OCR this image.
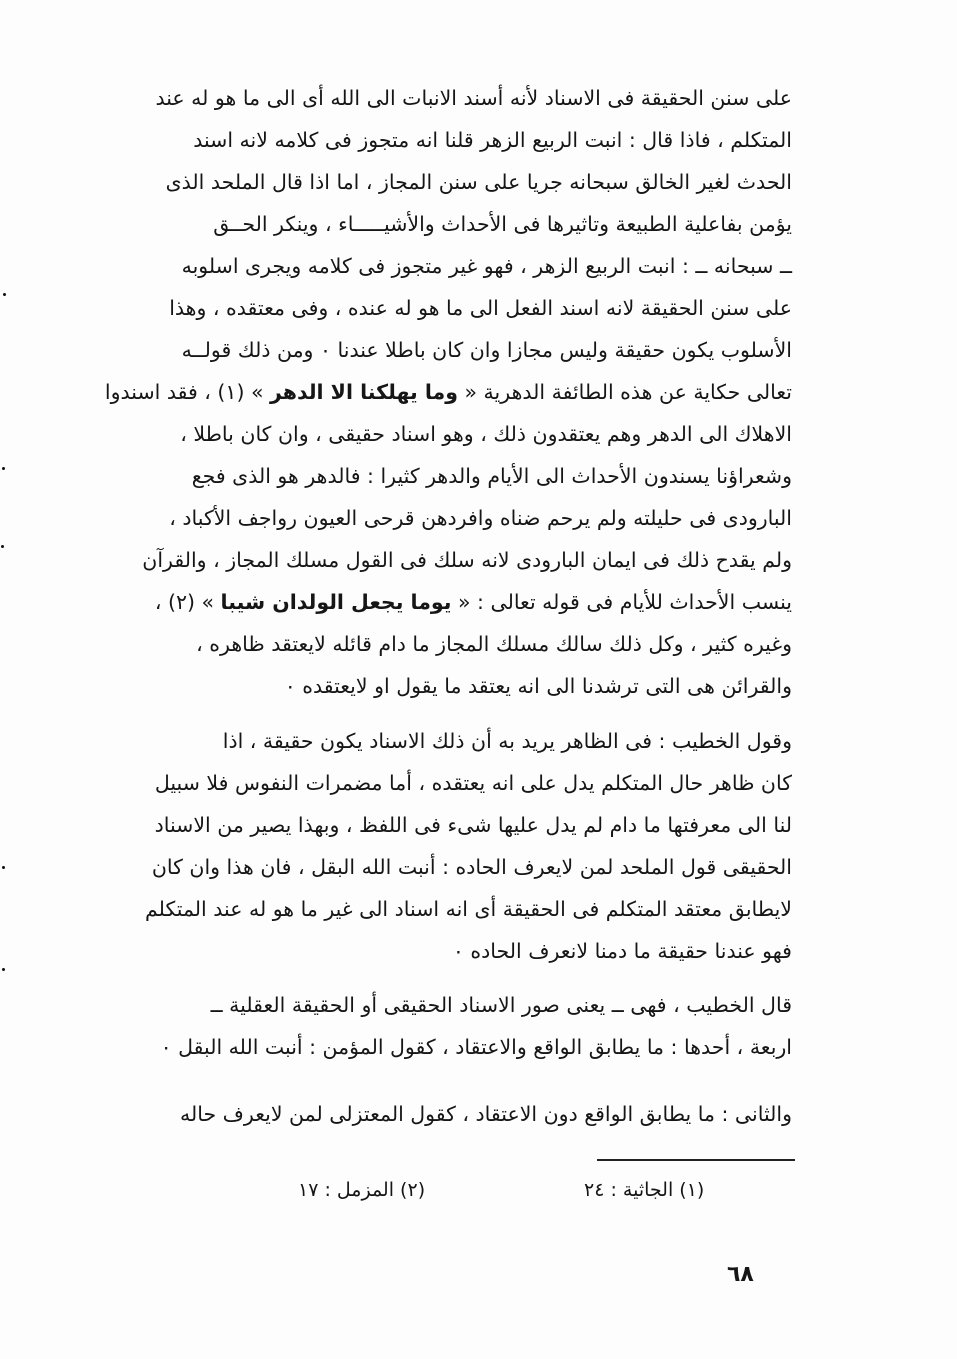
على سنن الحقيقة فى الاسناد لأنه أسند الانبات الى الله أى الى ما هو له عند
المتكلم ، فاذا قال : انبت الربيع الزهر قلنا انه متجوز فى كلامه لانه اسند
الحدث لغير الخالق سبحانه جريا على سنن المجاز ، اما اذا قال الملحد الذى
يؤمن بفاعلية الطبيعة وتاثيرها فى الأحداث والأشيـــــاء ، وينكر الحــق
ــ سبحانه ــ : انبت الربيع الزهر ، فهو غير متجوز فى كلامه ويجرى اسلوبه
على سنن الحقيقة لانه اسند الفعل الى ما هو له عنده ، وفى معتقده ، وهذا
الأسلوب يكون حقيقة وليس مجازا وان كان باطلا عندنا ٠ ومن ذلك قولــه
تعالى حكاية عن هذه الطائفة الدهرية « وما يهلكنا الا الدهر » (١) ، فقد اسندوا
الاهلاك الى الدهر وهم يعتقدون ذلك ، وهو اسناد حقيقى ، وان كان باطلا ،
وشعراؤنا يسندون الأحداث الى الأيام والدهر كثيرا : فالدهر هو الذى فجع
البارودى فى حليلته ولم يرحم ضناه وافردهن قرحى العيون رواجف الأكباد ،
ولم يقدح ذلك فى ايمان البارودى لانه سلك فى القول مسلك المجاز ، والقرآن
ينسب الأحداث للأيام فى قوله تعالى : « يوما يجعل الولدان شيبا » (٢) ،
وغيره كثير ، وكل ذلك سالك مسلك المجاز ما دام قائله لايعتقد ظاهره ،
والقرائن هى التى ترشدنا الى انه يعتقد ما يقول او لايعتقده ٠
وقول الخطيب : فى الظاهر يريد به أن ذلك الاسناد يكون حقيقة ، اذا
كان ظاهر حال المتكلم يدل على انه يعتقده ، أما مضمرات النفوس فلا سبيل
لنا الى معرفتها ما دام لم يدل عليها شىء فى اللفظ ، وبهذا يصير من الاسناد
الحقيقى قول الملحد لمن لايعرف الحاده : أنبت الله البقل ، فان هذا وان كان
لايطابق معتقد المتكلم فى الحقيقة أى انه اسناد الى غير ما هو له عند المتكلم
فهو عندنا حقيقة ما دمنا لانعرف الحاده ٠
قال الخطيب ، فهى ــ يعنى صور الاسناد الحقيقى أو الحقيقة العقلية ــ
اربعة ، أحدها : ما يطابق الواقع والاعتقاد ، كقول المؤمن : أنبت الله البقل ٠
والثانى : ما يطابق الواقع دون الاعتقاد ، كقول المعتزلى لمن لايعرف حاله
(١) الجاثية : ٢٤
(٢) المزمل : ١٧
٦٨
